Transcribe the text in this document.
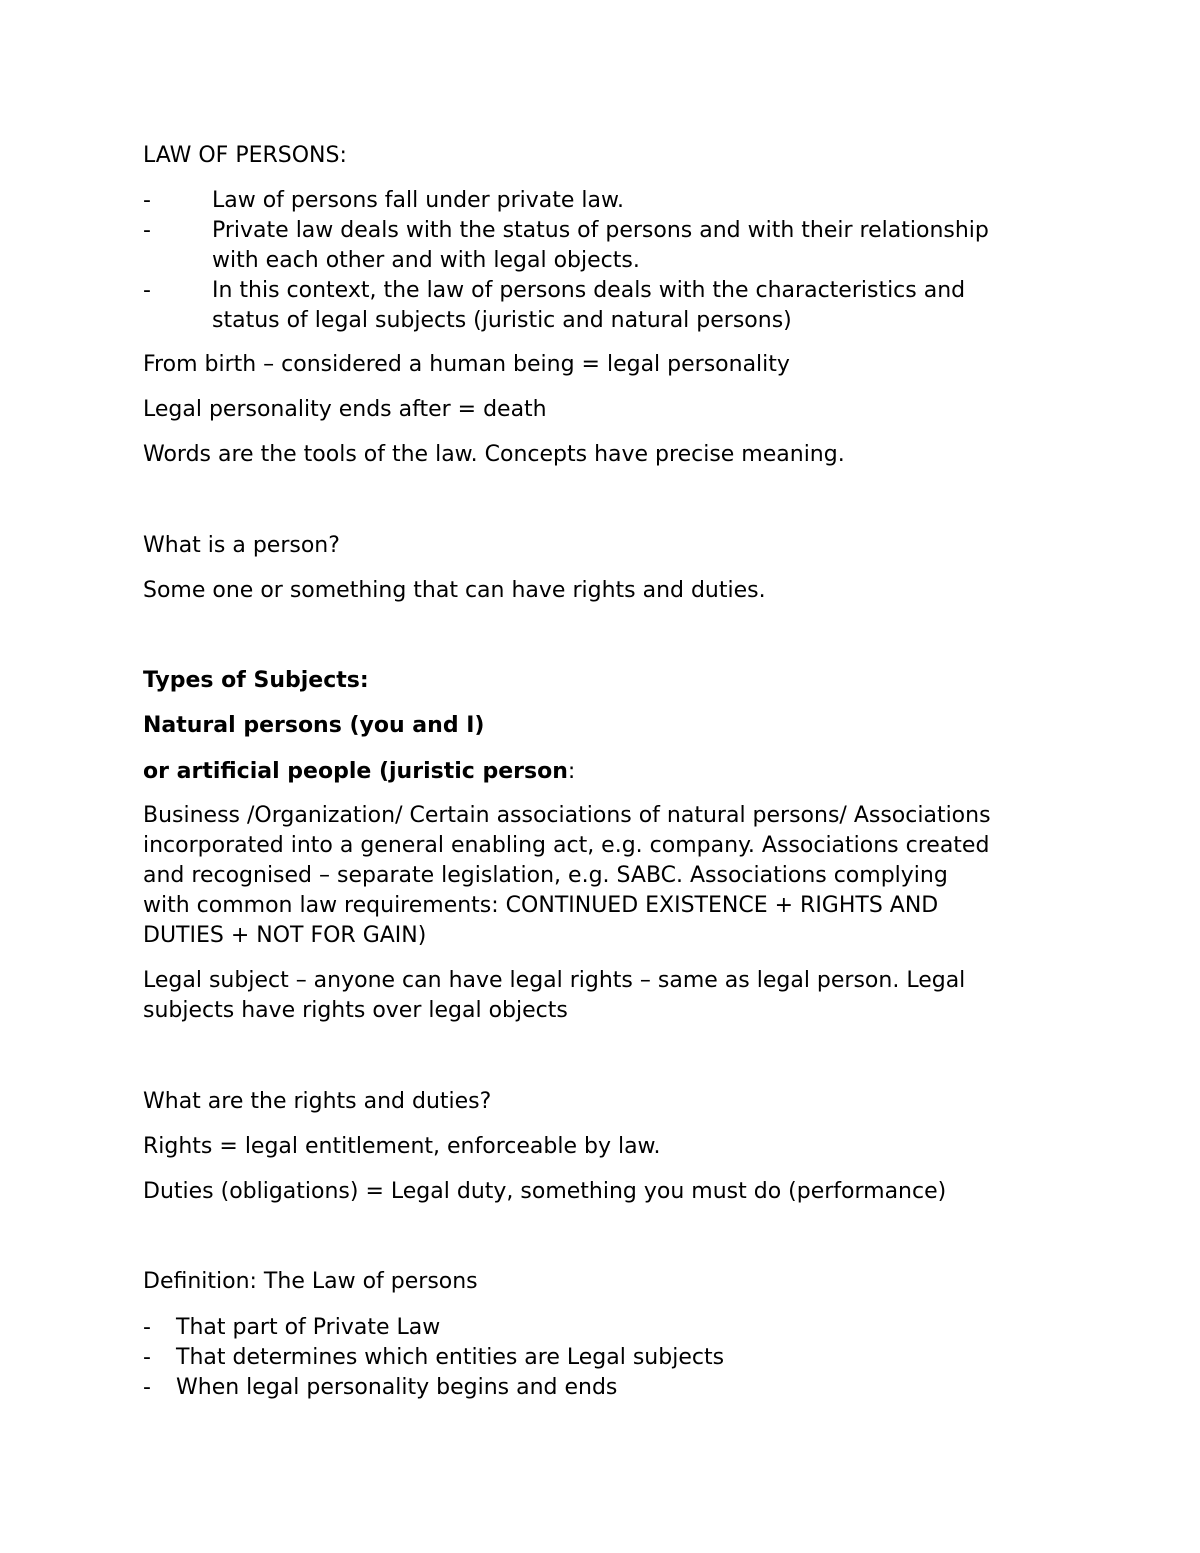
LAW OF PERSONS:

-	Law of persons fall under private law.
-	Private law deals with the status of persons and with their relationship
with each other and with legal objects.
-	In this context, the law of persons deals with the characteristics and
status of legal subjects (juristic and natural persons)

From birth – considered a human being = legal personality

Legal personality ends after = death

Words are the tools of the law. Concepts have precise meaning.

What is a person?

Some one or something that can have rights and duties.

Types of Subjects:

Natural persons (you and I)

or artificial people (juristic person:

Business /Organization/ Certain associations of natural persons/ Associations

incorporated into a general enabling act, e.g. company. Associations created

and recognised – separate legislation, e.g. SABC. Associations complying

with common law requirements: CONTINUED EXISTENCE + RIGHTS AND

DUTIES + NOT FOR GAIN)

Legal subject – anyone can have legal rights – same as legal person. Legal

subjects have rights over legal objects

What are the rights and duties?

Rights = legal entitlement, enforceable by law.

Duties (obligations) = Legal duty, something you must do (performance)

Definition: The Law of persons

- That part of Private Law
- That determines which entities are Legal subjects
- When legal personality begins and ends
